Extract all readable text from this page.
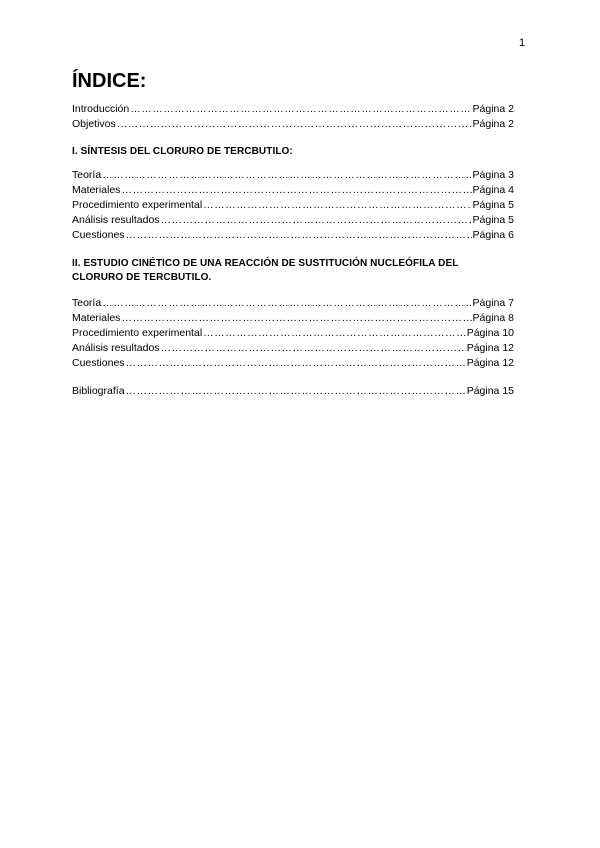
1
ÍNDICE:
Introducción ……………………………………………………………………………………………………………………………………………………………………………………………………	Página 2
Objetivos ……………………………………………………………………………………………………………………………………………………………………………………………………	Página 2
I. SÍNTESIS DEL CLORURO DE TERCBUTILO:
Teoría ……………………………………………………………………………………………………………………………………………………………………………………………………	Página 3
Materiales ……………………………………………………………………………………………………………………………………………………………………………………………………	Página 4
Procedimiento experimental ……………………………………………………………………………………………………………………………………………………………………………………………………	Página 5
Análisis resultados ……………………………………………………………………………………………………………………………………………………………………………………………………	Página 5
Cuestiones ……………………………………………………………………………………………………………………………………………………………………………………………………	Página 6
II. ESTUDIO CINÉTICO DE UNA REACCIÓN DE SUSTITUCIÓN NUCLEÓFILA DEL CLORURO DE TERCBUTILO.
Teoría ……………………………………………………………………………………………………………………………………………………………………………………………………	Página 7
Materiales ……………………………………………………………………………………………………………………………………………………………………………………………………	Página 8
Procedimiento experimental ……………………………………………………………………………………………………………………………………………………………………………………………………	Página 10
Análisis resultados ……………………………………………………………………………………………………………………………………………………………………………………………………	Página 12
Cuestiones ……………………………………………………………………………………………………………………………………………………………………………………………………	Página 12
Bibliografía ……………………………………………………………………………………………………………………………………………………………………………………………………	Página 15
